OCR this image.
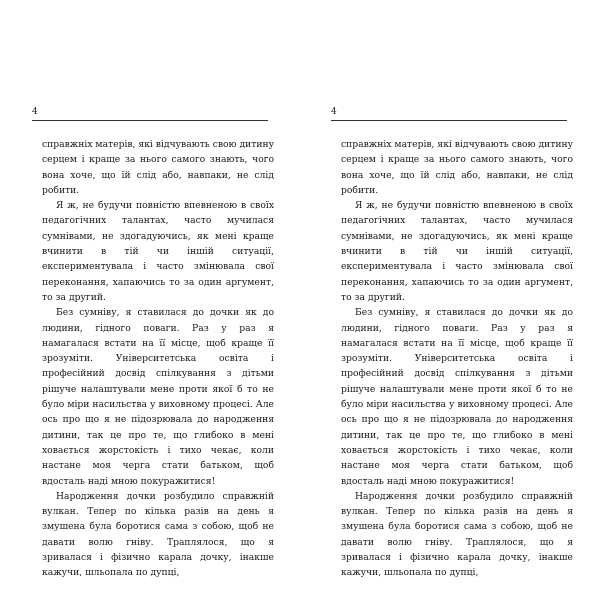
4

справжніх матерів, які відчувають свою дитину серцем і краще за нього самого знають, чого вона хоче, що їй слід або, навпаки, не слід робити.

Я ж, не будучи повністю впевненою в своїх педагогічних талантах, часто мучилася сумнівами, не здогадуючись, як мені краще вчинити в тій чи іншій ситуації, експериментувала і часто змінювала свої переконання, хапаючись то за один аргумент, то за другий.

Без сумніву, я ставилася до дочки як до людини, гідного поваги. Раз у раз я намагалася встати на її місце, щоб краще її зрозуміти. Університетська освіта і професійний досвід спілкування з дітьми рішуче налаштували мене проти якої б то не було міри насильства у виховному процесі. Але ось про що я не підозрювала до народження дитини, так це про те, що глибоко в мені ховається жорстокість і тихо чекає, коли настане моя черга стати батьком, щоб вдосталь наді мною покуражитися!

Народження дочки розбудило справжній вулкан. Тепер по кілька разів на день я змушена була боротися сама з собою, щоб не давати волю гніву. Траплялося, що я зривалася і фізично карала дочку, інакше кажучи, шльопала по дупці,

4

справжніх матерів, які відчувають свою дитину серцем і краще за нього самого знають, чого вона хоче, що їй слід або, навпаки, не слід робити.

Я ж, не будучи повністю впевненою в своїх педагогічних талантах, часто мучилася сумнівами, не здогадуючись, як мені краще вчинити в тій чи іншій ситуації, експериментувала і часто змінювала свої переконання, хапаючись то за один аргумент, то за другий.

Без сумніву, я ставилася до дочки як до людини, гідного поваги. Раз у раз я намагалася встати на її місце, щоб краще її зрозуміти. Університетська освіта і професійний досвід спілкування з дітьми рішуче налаштували мене проти якої б то не було міри насильства у виховному процесі. Але ось про що я не підозрювала до народження дитини, так це про те, що глибоко в мені ховається жорстокість і тихо чекає, коли настане моя черга стати батьком, щоб вдосталь наді мною покуражитися!

Народження дочки розбудило справжній вулкан. Тепер по кілька разів на день я змушена була боротися сама з собою, щоб не давати волю гніву. Траплялося, що я зривалася і фізично карала дочку, інакше кажучи, шльопала по дупці,
